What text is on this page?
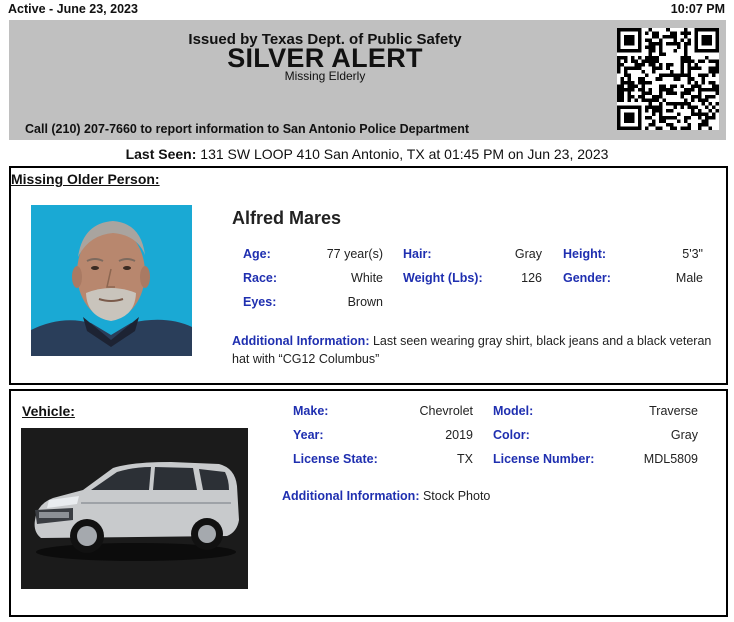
Active - June 23, 2023	10:07 PM
Issued by Texas Dept. of Public Safety
SILVER ALERT
Missing Elderly
Call (210) 207-7660 to report information to San Antonio Police Department
Last Seen: 131 SW LOOP 410 San Antonio, TX at 01:45 PM on Jun 23, 2023
Missing Older Person:
Alfred Mares
Age:	77 year(s) Hair:	Gray Height:	5'3"
Race:	White Weight (Lbs):	126 Gender:	Male
Eyes:	Brown
Additional Information: Last seen wearing gray shirt, black jeans and a black veteran hat with “CG12 Columbus”
Vehicle:	Make:	Chevrolet Model:	Traverse
Year:	2019 Color:	Gray
License State:	TX License Number:	MDL5809
Additional Information: Stock Photo
